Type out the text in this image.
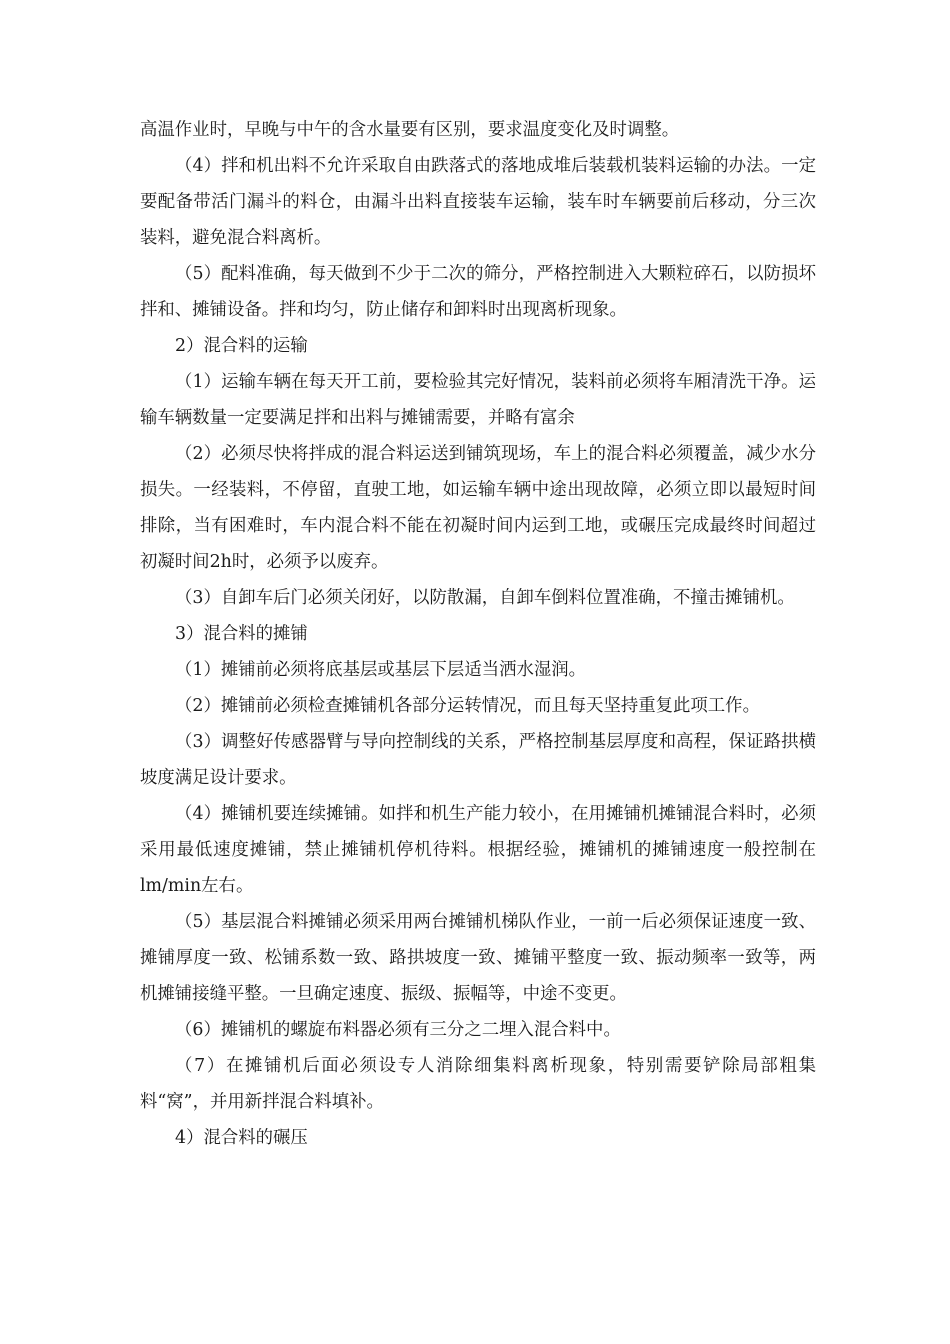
高温作业时，早晚与中午的含水量要有区别，要求温度变化及时调整。

（4）拌和机出料不允许采取自由跌落式的落地成堆后装载机装料运输的办法。一定要配备带活门漏斗的料仓，由漏斗出料直接装车运输，装车时车辆要前后移动，分三次装料，避免混合料离析。

（5）配料准确，每天做到不少于二次的筛分，严格控制进入大颗粒碎石，以防损坏拌和、摊铺设备。拌和均匀，防止储存和卸料时出现离析现象。

2）混合料的运输

（1）运输车辆在每天开工前，要检验其完好情况，装料前必须将车厢清洗干净。运输车辆数量一定要满足拌和出料与摊铺需要，并略有富余

（2）必须尽快将拌成的混合料运送到铺筑现场，车上的混合料必须覆盖，减少水分损失。一经装料，不停留，直驶工地，如运输车辆中途出现故障，必须立即以最短时间排除，当有困难时，车内混合料不能在初凝时间内运到工地，或碾压完成最终时间超过初凝时间2h时，必须予以废弃。

（3）自卸车后门必须关闭好，以防散漏，自卸车倒料位置准确，不撞击摊铺机。

3）混合料的摊铺

（1）摊铺前必须将底基层或基层下层适当洒水湿润。

（2）摊铺前必须检查摊铺机各部分运转情况，而且每天坚持重复此项工作。

（3）调整好传感器臂与导向控制线的关系，严格控制基层厚度和高程，保证路拱横坡度满足设计要求。

（4）摊铺机要连续摊铺。如拌和机生产能力较小，在用摊铺机摊铺混合料时，必须采用最低速度摊铺，禁止摊铺机停机待料。根据经验，摊铺机的摊铺速度一般控制在lm/min左右。

（5）基层混合料摊铺必须采用两台摊铺机梯队作业，一前一后必须保证速度一致、摊铺厚度一致、松铺系数一致、路拱坡度一致、摊铺平整度一致、振动频率一致等，两机摊铺接缝平整。一旦确定速度、振级、振幅等，中途不变更。

（6）摊铺机的螺旋布料器必须有三分之二埋入混合料中。

（7）在摊铺机后面必须设专人消除细集料离析现象，特别需要铲除局部粗集料“窝”，并用新拌混合料填补。

4）混合料的碾压
